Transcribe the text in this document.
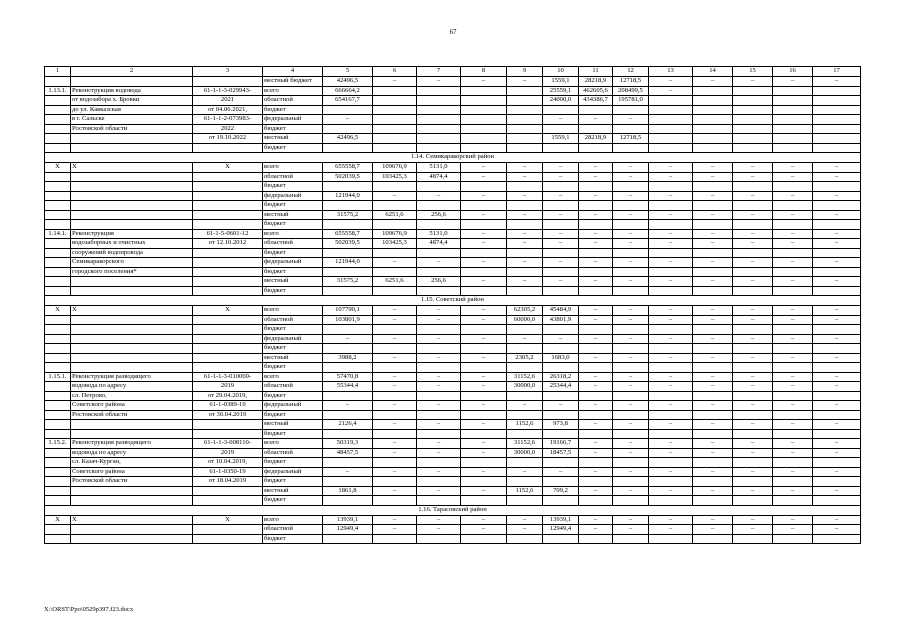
67
1	2	3	4	5	6	7	8	9	10	11	12	13	14	15	16	17
			местный бюджет	42496,5	–	–	–	–	1559,1	28218,9	12718,5	–	–	–	–	–
1.13.1.	Реконструкция водовода	61-1-1-3-029943-	всего	666664,2					25559,1	462605,6	208499,5	–				
	от водозабора х. Бровки	2021	областной	654167,7					24000,0	434386,7	195781,0					
	до ул. Кавказская	от 04.06.2021,	бюджет													
	в г. Сальске	61-1-1-2-073983-	федеральный	–					–	–	–					
	Ростовской области	2022	бюджет													
		от 19.10.2022	местный	42496,5					1559,1	28218,9	12718,5					
			бюджет													
1.14. Семикаракорский район																
Х	Х	Х	всего	655558,7	109676,9	5131,0	–	–	–	–	–	–	–	–	–	–
			областной	502039,5	103425,3	4874,4	–	–	–	–	–	–	–	–	–	–
			бюджет													
			федеральный	121944,0	–	–	–	–	–	–	–	–	–	–	–	–
			бюджет													
			местный	31575,2	6251,6	256,6	–	–	–	–	–	–	–	–	–	–
			бюджет													
1.14.1.	Реконструкция	61-1-5-0601-12	всего	655558,7	109676,9	5131,0	–	–	–	–	–	–	–	–	–	–
	водозаборных и очистных	от 12.10.2012	областной	502039,5	103425,3	4874,4	–	–	–	–	–	–	–	–	–	–
	сооружений водопровода		бюджет													
	Семикаракорского		федеральный	121944,0	–	–	–	–	–	–	–	–	–	–	–	–
	городского поселения*		бюджет													
			местный	31575,2	6251,6	256,6	–	–	–	–	–	–	–	–	–	–
			бюджет													
1.15. Советский район																
Х	Х	Х	всего	107790,1	–	–	–	62305,2	45484,9	–	–	–	–	–	–	–
			областной	103801,9	–	–	–	60000,0	43801,9	–	–	–	–	–	–	–
			бюджет													
			федеральный	–	–	–	–	–	–	–	–	–	–	–	–	–
			бюджет													
			местный	3988,2	–	–	–	2305,2	1683,0	–	–	–	–	–	–	–
			бюджет													
1.15.1.	Реконструкция разводящего	61-1-1-3-010069-	всего	57470,8	–	–	–	31152,6	26318,2	–	–	–	–	–	–	–
	водовода по адресу	2019	областной	55344,4	–	–	–	30000,0	25344,4	–	–	–	–	–	–	–
	сл. Петрово,	от 29.04.2019,	бюджет													
	Советского района	61-1-0389-19	федеральный	–	–	–	–	–	–	–	–	–	–	–	–	–
	Ростовской области	от 30.04.2019	бюджет													
			местный	2126,4	–	–	–	1152,6	973,8	–	–	–	–	–	–	–
			бюджет													
1.15.2.	Реконструкция разводящего	61-1-1-3-008110-	всего	50319,3	–	–	–	31152,6	19166,7	–	–	–	–	–	–	–
	водовода по адресу	2019	областной	48457,5	–	–	–	30000,0	18457,5	–	–	–	–	–	–	–
	сл. Казач-Курган,	от 10.04.2019,	бюджет													
	Советского района	61-1-0350-19	федеральный	–	–	–	–	–	–	–	–	–	–	–	–	–
	Ростовской области	от 18.04.2019	бюджет													
			местный	1861,8	–	–	–	1152,6	709,2	–	–	–	–	–	–	–
			бюджет													
1.16. Тарасовский район																
Х	Х	Х	всего	13939,1	–	–	–	–	13939,1	–	–	–	–	–	–	–
			областной	12949,4	–	–	–	–	12949,4	–	–	–	–	–	–	–
			бюджет													
X:\ORST\Ppo\0529p397.f23.docx
